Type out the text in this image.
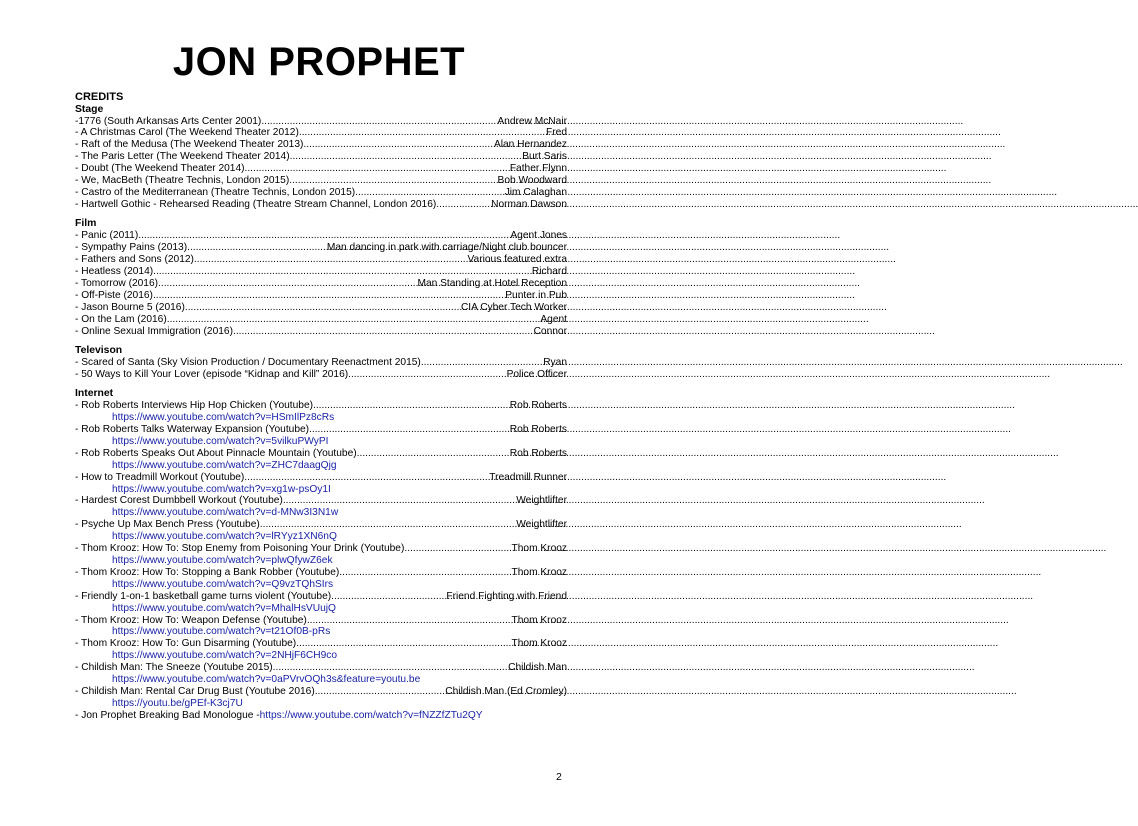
JON PROPHET
CREDITS
Stage
-1776 (South Arkansas Arts Center 2001) .....	Andrew McNair
- A Christmas Carol (The Weekend Theater 2012) .....	Fred
- Raft of the Medusa (The Weekend Theater 2013) .....	Alan Hernandez
- The Paris Letter (The Weekend Theater 2014) .....	Burt Saris
- Doubt (The Weekend Theater 2014) .....	Father Flynn
- We, MacBeth (Theatre Technis, London 2015) .....	Bob Woodward
- Castro of the Mediterranean (Theatre Technis, London 2015) .....	Jim Calaghan
- Hartwell Gothic - Rehearsed Reading (Theatre Stream Channel, London 2016) .....	Norman Dawson
Film
- Panic (2011) .....	Agent Jones
- Sympathy Pains (2013) .....	Man dancing in park with carriage/Night club bouncer
- Fathers and Sons (2012) .....	Various featured extra
- Heatless (2014) .....	Richard
- Tomorrow (2016) .....	Man Standing at Hotel Reception
- Off-Piste (2016) .....	Punter in Pub
- Jason Bourne 5 (2016) .....	CIA Cyber Tech Worker
- On the Lam (2016) .....	Agent
- Online Sexual Immigration (2016) .....	Connor
Televison
- Scared of Santa (Sky Vision Production / Documentary Reenactment 2015) .....	Ryan
- 50 Ways to Kill Your Lover (episode “Kidnap and Kill” 2016) .....	Police Officer
Internet
- Rob Roberts Interviews Hip Hop Chicken (Youtube) .....	Rob Roberts
https://www.youtube.com/watch?v=HSmIlPz8cRs
- Rob Roberts Talks Waterway Expansion (Youtube) .....	Rob Roberts
https://www.youtube.com/watch?v=5vilkuPWyPI
- Rob Roberts Speaks Out About Pinnacle Mountain (Youtube) .....	Rob Roberts
https://www.youtube.com/watch?v=ZHC7daagQjg
- How to Treadmill Workout (Youtube) .....	Treadmill Runner
https://www.youtube.com/watch?v=xg1w-psOy1I
- Hardest Corest Dumbbell Workout (Youtube) .....	Weightlifter
https://www.youtube.com/watch?v=d-MNw3I3N1w
- Psyche Up Max Bench Press (Youtube) .....	Weightlifter
https://www.youtube.com/watch?v=lRYyz1XN6nQ
- Thom Krooz: How To: Stop Enemy from Poisoning Your Drink (Youtube) .....	Thom Krooz
https://www.youtube.com/watch?v=plwQfywZ6ek
- Thom Krooz: How To: Stopping a Bank Robber (Youtube) .....	Thom Krooz
https://www.youtube.com/watch?v=Q9vzTQhSIrs
- Friendly 1-on-1 basketball game turns violent (Youtube) .....	Friend Fighting with Friend
https://www.youtube.com/watch?v=MhalHsVUujQ
- Thom Krooz: How To: Weapon Defense (Youtube) .....	Thom Krooz
https://www.youtube.com/watch?v=t21Of0B-pRs
- Thom Krooz: How To: Gun Disarming (Youtube) .....	Thom Krooz
https://www.youtube.com/watch?v=2NHjF6CH9co
- Childish Man: The Sneeze (Youtube 2015) .....	Childish Man
https://www.youtube.com/watch?v=0aPVrvOQh3s&feature=youtu.be
- Childish Man: Rental Car Drug Bust (Youtube 2016) .....	Childish Man (Ed Cromley)
https://youtu.be/gPEf-K3cj7U
- Jon Prophet Breaking Bad Monologue - https://www.youtube.com/watch?v=fNZZfZTu2QY
2
